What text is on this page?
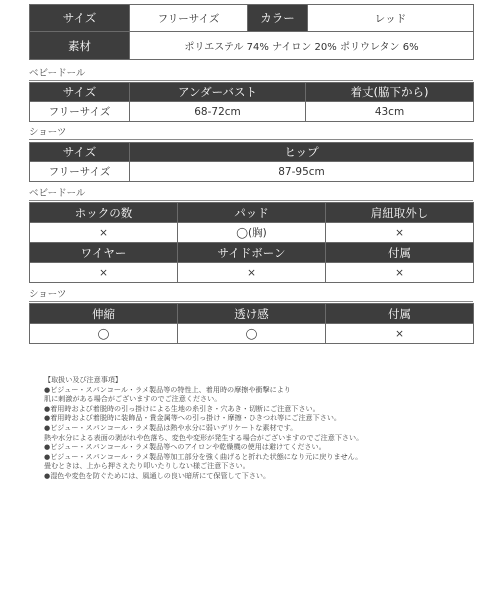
サイズ	フリーサイズ	カラー	レッド
素材	ポリエステル 74% ナイロン 20% ポリウレタン 6%		
ベビードール
サイズ	アンダーバスト	着丈(脇下から)
フリーサイズ	68-72cm	43cm
ショーツ
サイズ	ヒップ
フリーサイズ	87-95cm
ベビードール
ホックの数	パッド	肩紐取外し
×	◯(胸)	×
ワイヤー	サイドボーン	付属
×	×	×
ショーツ
伸縮	透け感	付属
◯	◯	×
【取扱い及び注意事項】
●ビジュー・スパンコール・ラメ製品等の特性上、着用時の摩擦や衝撃により
肌に刺激がある場合がございますのでご注意ください。
●着用時および着脱時の引っ掛けによる生地の糸引き・穴あき・切断にご注意下さい。
●着用時および着脱時に装飾品・貴金属等への引っ掛け・摩擦・ひきつれ等にご注意下さい。
●ビジュー・スパンコール・ラメ製品は熱や水分に弱いデリケートな素材です。
熱や水分による表面の剥がれや色落ち、変色や変形が発生する場合がございますのでご注意下さい。
●ビジュー・スパンコール・ラメ製品等へのアイロンや乾燥機の使用は避けてください。
●ビジュー・スパンコール・ラメ製品等加工部分を強く曲げると折れた状態になり元に戻りません。
畳むときは、上から押さえたり叩いたりしない様ご注意下さい。
●湿色や変色を防ぐためには、風通しの良い暗所にて保管して下さい。
